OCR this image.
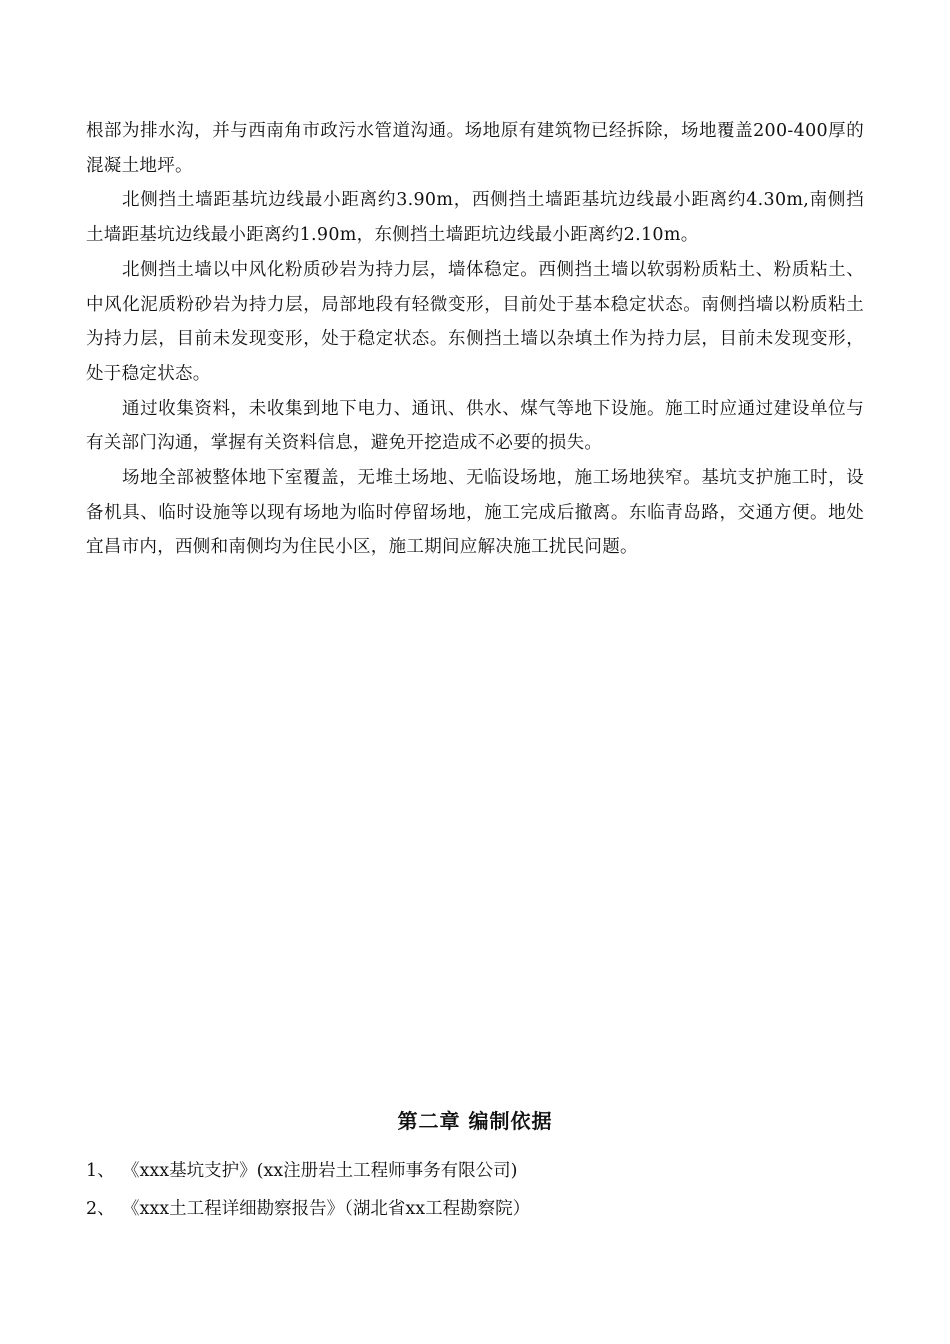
根部为排水沟，并与西南角市政污水管道沟通。场地原有建筑物已经拆除，场地覆盖200-400厚的混凝土地坪。

北侧挡土墙距基坑边线最小距离约3.90m，西侧挡土墙距基坑边线最小距离约4.30m,南侧挡土墙距基坑边线最小距离约1.90m，东侧挡土墙距坑边线最小距离约2.10m。

北侧挡土墙以中风化粉质砂岩为持力层，墙体稳定。西侧挡土墙以软弱粉质粘土、粉质粘土、中风化泥质粉砂岩为持力层，局部地段有轻微变形，目前处于基本稳定状态。南侧挡墙以粉质粘土为持力层，目前未发现变形，处于稳定状态。东侧挡土墙以杂填土作为持力层，目前未发现变形，处于稳定状态。

通过收集资料，未收集到地下电力、通讯、供水、煤气等地下设施。施工时应通过建设单位与有关部门沟通，掌握有关资料信息，避免开挖造成不必要的损失。

场地全部被整体地下室覆盖，无堆土场地、无临设场地，施工场地狭窄。基坑支护施工时，设备机具、临时设施等以现有场地为临时停留场地，施工完成后撤离。东临青岛路，交通方便。地处宜昌市内，西侧和南侧均为住民小区，施工期间应解决施工扰民问题。

第二章 编制依据
1、 《xxx基坑支护》(xx注册岩土工程师事务有限公司)
2、 《xxx土工程详细勘察报告》（湖北省xx工程勘察院）
